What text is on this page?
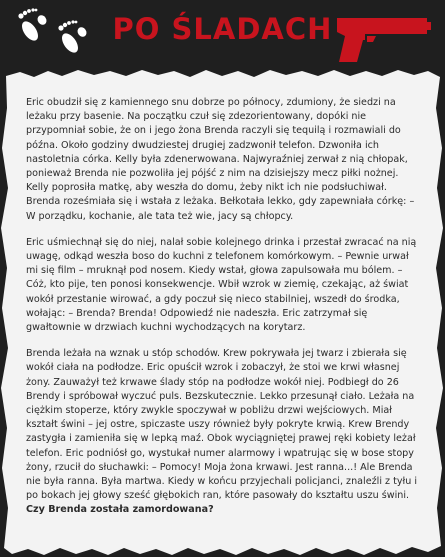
PO ŚLADACH

Eric obudził się z kamiennego snu dobrze po północy, zdumiony, że siedzi na leżaku przy basenie. Na początku czuł się zdezorientowany, dopóki nie przypomniał sobie, że on i jego żona Brenda raczyli się tequilą i rozmawiali do późna. Około godziny dwudziestej drugiej zadzwonił telefon. Dzwoniła ich nastoletnia córka. Kelly była zdenerwowana. Najwyraźniej zerwał z nią chłopak, ponieważ Brenda nie pozwoliła jej pójść z nim na dzisiejszy mecz piłki nożnej. Kelly poprosiła matkę, aby weszła do domu, żeby nikt ich nie podsłuchiwał. Brenda roześmiała się i wstała z leżaka. Bełkotała lekko, gdy zapewniała córkę: – W porządku, kochanie, ale tata też wie, jacy są chłopcy.

Eric uśmiechnął się do niej, nalał sobie kolejnego drinka i przestał zwracać na nią uwagę, odkąd weszła boso do kuchni z telefonem komórkowym. – Pewnie urwał mi się film – mruknął pod nosem. Kiedy wstał, głowa zapulsowała mu bólem. – Cóż, kto pije, ten ponosi konsekwencje. Wbił wzrok w ziemię, czekając, aż świat wokół przestanie wirować, a gdy poczuł się nieco stabilniej, wszedł do środka, wołając: – Brenda? Brenda! Odpowiedź nie nadeszła. Eric zatrzymał się gwałtownie w drzwiach kuchni wychodzących na korytarz.

Brenda leżała na wznak u stóp schodów. Krew pokrywała jej twarz i zbierała się wokół ciała na podłodze. Eric opuścił wzrok i zobaczył, że stoi we krwi własnej żony. Zauważył też krwawe ślady stóp na podłodze wokół niej. Podbiegł do 26 Brendy i spróbował wyczuć puls. Bezskutecznie. Lekko przesunął ciało. Leżała na ciężkim stoperze, który zwykle spoczywał w pobliżu drzwi wejściowych. Miał kształt świni – jej ostre, spiczaste uszy również były pokryte krwią. Krew Brendy zastygła i zamieniła się w lepką maź. Obok wyciągniętej prawej ręki kobiety leżał telefon. Eric podniósł go, wystukał numer alarmowy i wpatrując się w bose stopy żony, rzucił do słuchawki: – Pomocy! Moja żona krwawi. Jest ranna...! Ale Brenda nie była ranna. Była martwa. Kiedy w końcu przyjechali policjanci, znaleźli z tyłu i po bokach jej głowy sześć głębokich ran, które pasowały do kształtu uszu świni.
Czy Brenda została zamordowana?
